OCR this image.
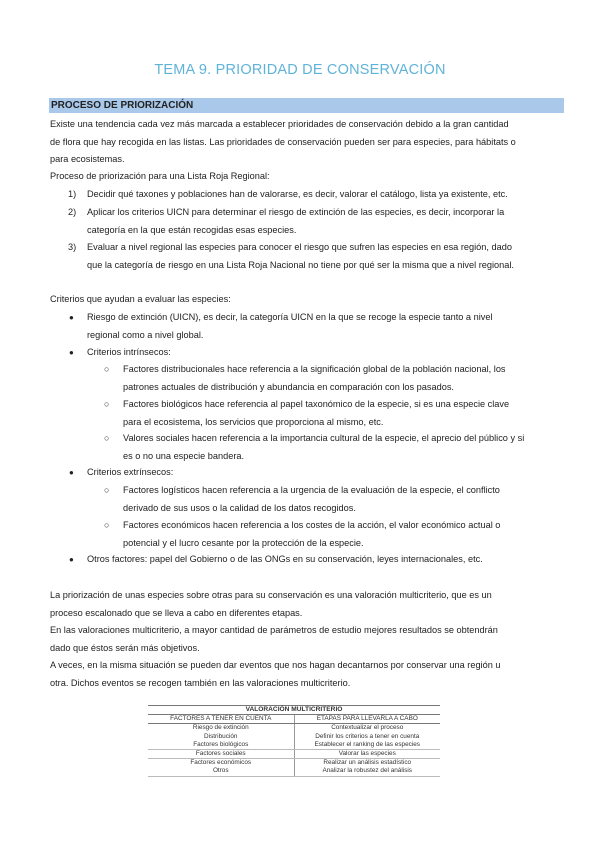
TEMA 9. PRIORIDAD DE CONSERVACIÓN
PROCESO DE PRIORIZACIÓN
Existe una tendencia cada vez más marcada a establecer prioridades de conservación debido a la gran cantidad
de flora que hay recogida en las listas. Las prioridades de conservación pueden ser para especies, para hábitats o
para ecosistemas.
Proceso de priorización para una Lista Roja Regional:
1) Decidir qué taxones y poblaciones han de valorarse, es decir, valorar el catálogo, lista ya existente, etc.
2) Aplicar los criterios UICN para determinar el riesgo de extinción de las especies, es decir, incorporar la
categoría en la que están recogidas esas especies.
3) Evaluar a nivel regional las especies para conocer el riesgo que sufren las especies en esa región, dado
que la categoría de riesgo en una Lista Roja Nacional no tiene por qué ser la misma que a nivel regional.
Criterios que ayudan a evaluar las especies:
● Riesgo de extinción (UICN), es decir, la categoría UICN en la que se recoge la especie tanto a nivel
regional como a nivel global.
● Criterios intrínsecos:
○ Factores distribucionales hace referencia a la significación global de la población nacional, los
patrones actuales de distribución y abundancia en comparación con los pasados.
○ Factores biológicos hace referencia al papel taxonómico de la especie, si es una especie clave
para el ecosistema, los servicios que proporciona al mismo, etc.
○ Valores sociales hacen referencia a la importancia cultural de la especie, el aprecio del público y si
es o no una especie bandera.
● Criterios extrínsecos:
○ Factores logísticos hacen referencia a la urgencia de la evaluación de la especie, el conflicto
derivado de sus usos o la calidad de los datos recogidos.
○ Factores económicos hacen referencia a los costes de la acción, el valor económico actual o
potencial y el lucro cesante por la protección de la especie.
● Otros factores: papel del Gobierno o de las ONGs en su conservación, leyes internacionales, etc.
La priorización de unas especies sobre otras para su conservación es una valoración multicriterio, que es un
proceso escalonado que se lleva a cabo en diferentes etapas.
En las valoraciones multicriterio, a mayor cantidad de parámetros de estudio mejores resultados se obtendrán
dado que éstos serán más objetivos.
A veces, en la misma situación se pueden dar eventos que nos hagan decantarnos por conservar una región u
otra. Dichos eventos se recogen también en las valoraciones multicriterio.
VALORACIÓN MULTICRITERIO	
FACTORES A TENER EN CUENTA	ETAPAS PARA LLEVARLA A CABO
Riesgo de extinción	Contextualizar el proceso
Distribución	Definir los criterios a tener en cuenta
Factores biológicos	Establecer el ranking de las especies
Factores sociales	Valorar las especies
Factores económicos	Realizar un análisis estadístico
Otros	Analizar la robustez del análisis
